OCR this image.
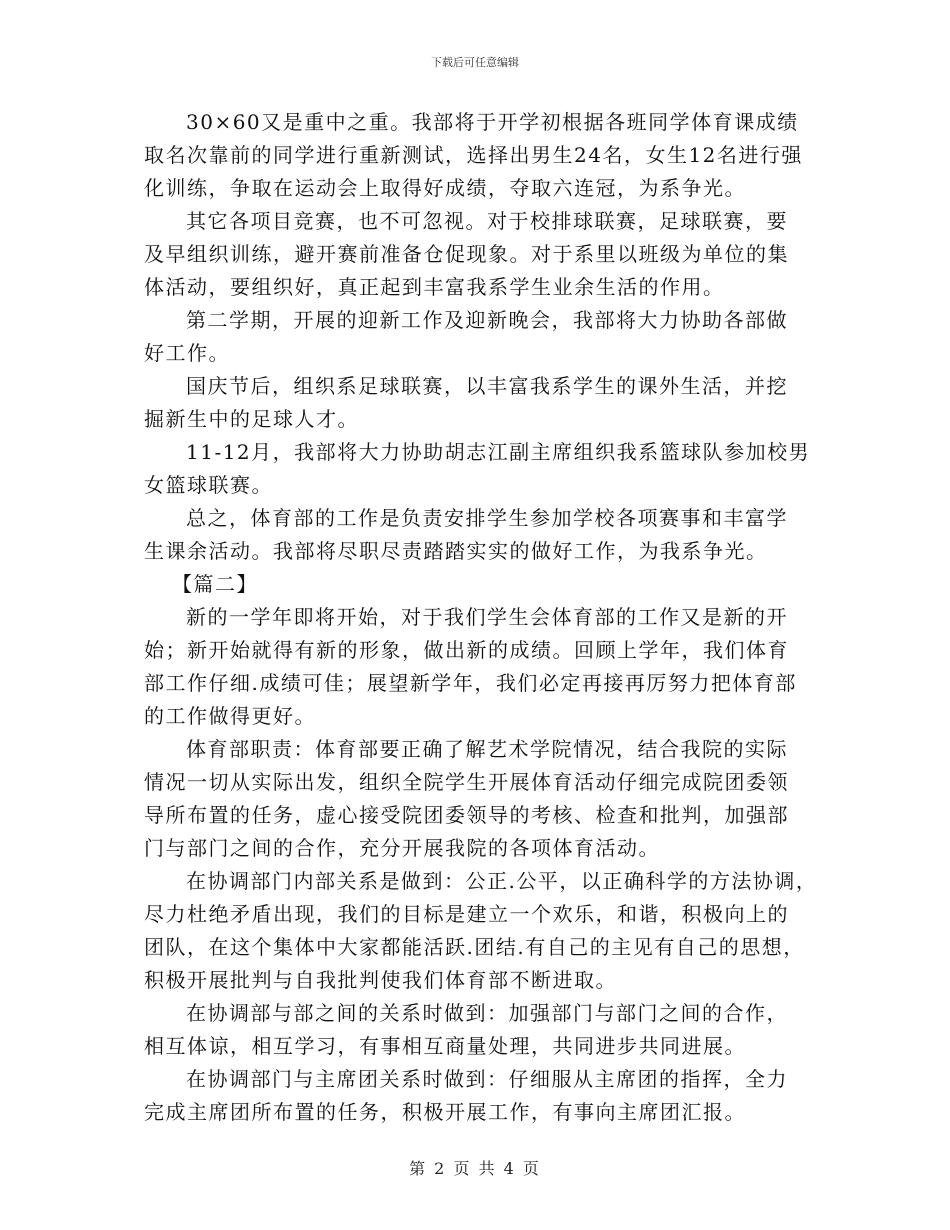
下载后可任意编辑
30×60又是重中之重。我部将于开学初根据各班同学体育课成绩
取名次靠前的同学进行重新测试，选择出男生24名，女生12名进行强
化训练，争取在运动会上取得好成绩，夺取六连冠，为系争光。
其它各项目竞赛，也不可忽视。对于校排球联赛，足球联赛，要
及早组织训练，避开赛前准备仓促现象。对于系里以班级为单位的集
体活动，要组织好，真正起到丰富我系学生业余生活的作用。
第二学期，开展的迎新工作及迎新晚会，我部将大力协助各部做
好工作。
国庆节后，组织系足球联赛，以丰富我系学生的课外生活，并挖
掘新生中的足球人才。
11-12月，我部将大力协助胡志江副主席组织我系篮球队参加校男
女篮球联赛。
总之，体育部的工作是负责安排学生参加学校各项赛事和丰富学
生课余活动。我部将尽职尽责踏踏实实的做好工作，为我系争光。
【篇二】
新的一学年即将开始，对于我们学生会体育部的工作又是新的开
始；新开始就得有新的形象，做出新的成绩。回顾上学年，我们体育
部工作仔细.成绩可佳；展望新学年，我们必定再接再厉努力把体育部
的工作做得更好。
体育部职责：体育部要正确了解艺术学院情况，结合我院的实际
情况一切从实际出发，组织全院学生开展体育活动仔细完成院团委领
导所布置的任务，虚心接受院团委领导的考核、检查和批判，加强部
门与部门之间的合作，充分开展我院的各项体育活动。
在协调部门内部关系是做到：公正.公平，以正确科学的方法协调，
尽力杜绝矛盾出现，我们的目标是建立一个欢乐，和谐，积极向上的
团队，在这个集体中大家都能活跃.团结.有自己的主见有自己的思想，
积极开展批判与自我批判使我们体育部不断进取。
在协调部与部之间的关系时做到：加强部门与部门之间的合作，
相互体谅，相互学习，有事相互商量处理，共同进步共同进展。
在协调部门与主席团关系时做到：仔细服从主席团的指挥，全力
完成主席团所布置的任务，积极开展工作，有事向主席团汇报。
第 2 页 共 4 页
